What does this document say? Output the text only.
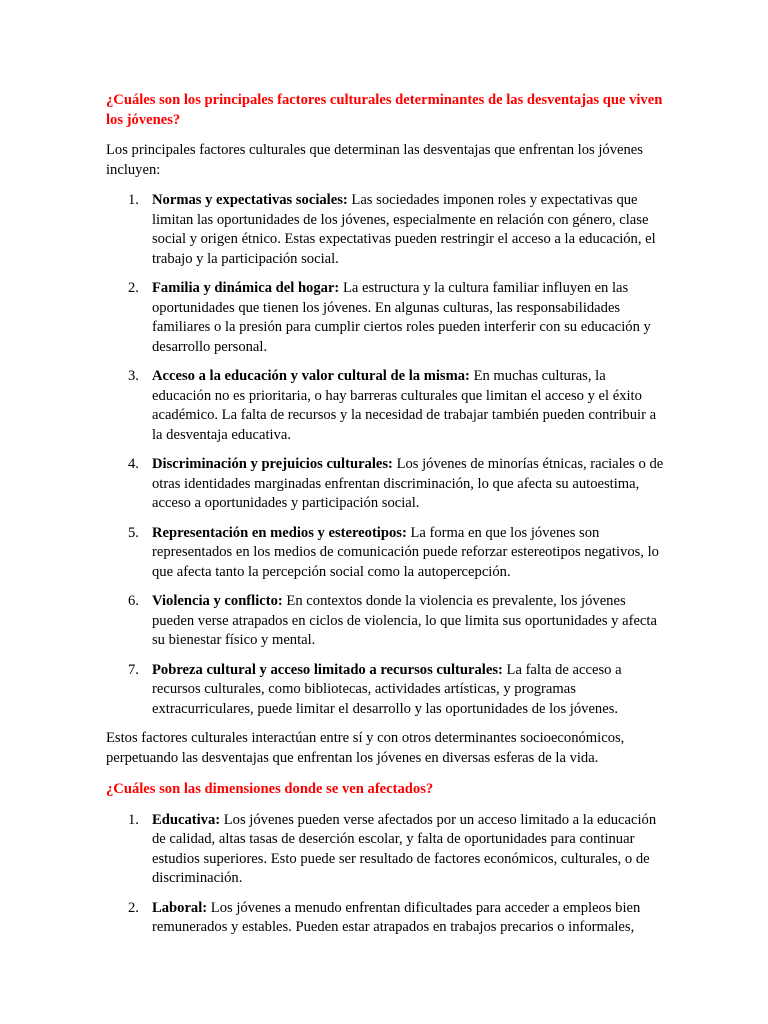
¿Cuáles son los principales factores culturales determinantes de las desventajas que viven los jóvenes?

Los principales factores culturales que determinan las desventajas que enfrentan los jóvenes incluyen:

1. Normas y expectativas sociales: Las sociedades imponen roles y expectativas que limitan las oportunidades de los jóvenes, especialmente en relación con género, clase social y origen étnico. Estas expectativas pueden restringir el acceso a la educación, el trabajo y la participación social.
2. Familia y dinámica del hogar: La estructura y la cultura familiar influyen en las oportunidades que tienen los jóvenes. En algunas culturas, las responsabilidades familiares o la presión para cumplir ciertos roles pueden interferir con su educación y desarrollo personal.
3. Acceso a la educación y valor cultural de la misma: En muchas culturas, la educación no es prioritaria, o hay barreras culturales que limitan el acceso y el éxito académico. La falta de recursos y la necesidad de trabajar también pueden contribuir a la desventaja educativa.
4. Discriminación y prejuicios culturales: Los jóvenes de minorías étnicas, raciales o de otras identidades marginadas enfrentan discriminación, lo que afecta su autoestima, acceso a oportunidades y participación social.
5. Representación en medios y estereotipos: La forma en que los jóvenes son representados en los medios de comunicación puede reforzar estereotipos negativos, lo que afecta tanto la percepción social como la autopercepción.
6. Violencia y conflicto: En contextos donde la violencia es prevalente, los jóvenes pueden verse atrapados en ciclos de violencia, lo que limita sus oportunidades y afecta su bienestar físico y mental.
7. Pobreza cultural y acceso limitado a recursos culturales: La falta de acceso a recursos culturales, como bibliotecas, actividades artísticas, y programas extracurriculares, puede limitar el desarrollo y las oportunidades de los jóvenes.

Estos factores culturales interactúan entre sí y con otros determinantes socioeconómicos, perpetuando las desventajas que enfrentan los jóvenes en diversas esferas de la vida.

¿Cuáles son las dimensiones donde se ven afectados?

1. Educativa: Los jóvenes pueden verse afectados por un acceso limitado a la educación de calidad, altas tasas de deserción escolar, y falta de oportunidades para continuar estudios superiores. Esto puede ser resultado de factores económicos, culturales, o de discriminación.
2. Laboral: Los jóvenes a menudo enfrentan dificultades para acceder a empleos bien remunerados y estables. Pueden estar atrapados en trabajos precarios o informales,
